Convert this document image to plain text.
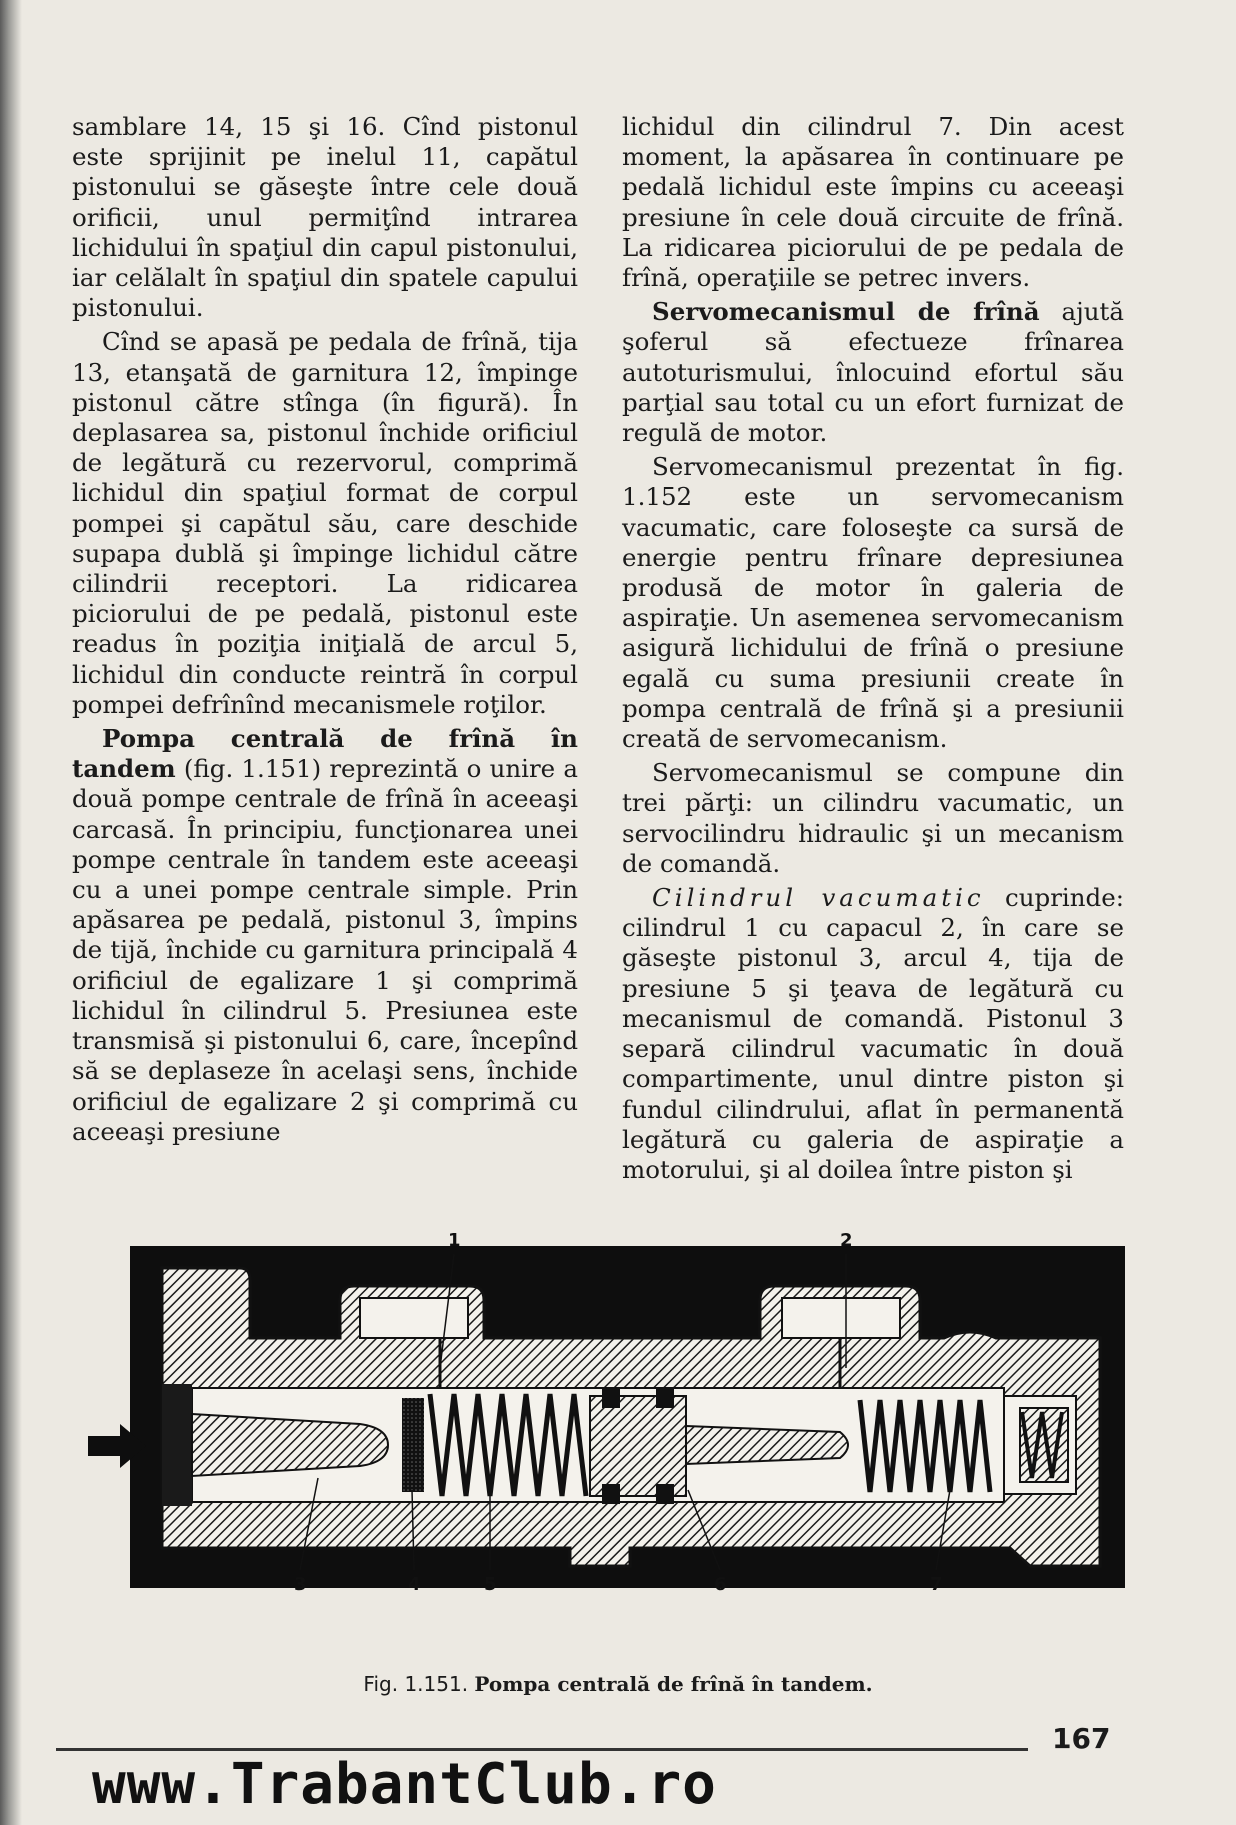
samblare 14, 15 şi 16. Cînd pistonul este sprijinit pe inelul 11, capătul pistonului se găseşte între cele două orificii, unul permiţînd intrarea lichidului în spaţiul din capul pistonului, iar celălalt în spaţiul din spatele capului pistonului.

Cînd se apasă pe pedala de frînă, tija 13, etanşată de garnitura 12, împinge pistonul către stînga (în figură). În deplasarea sa, pistonul închide orificiul de legătură cu rezervorul, comprimă lichidul din spaţiul format de corpul pompei şi capătul său, care deschide supapa dublă şi împinge lichidul către cilindrii receptori. La ridicarea piciorului de pe pedală, pistonul este readus în poziţia iniţială de arcul 5, lichidul din conducte reintră în corpul pompei defrînînd mecanismele roţilor.

Pompa centrală de frînă în tandem (fig. 1.151) reprezintă o unire a două pompe centrale de frînă în aceeaşi carcasă. În principiu, funcţionarea unei pompe centrale în tandem este aceeaşi cu a unei pompe centrale simple. Prin apăsarea pe pedală, pistonul 3, împins de tijă, închide cu garnitura principală 4 orificiul de egalizare 1 şi comprimă lichidul în cilindrul 5. Presiunea este transmisă şi pistonului 6, care, începînd să se deplaseze în acelaşi sens, închide orificiul de egalizare 2 şi comprimă cu aceeaşi presiune

lichidul din cilindrul 7. Din acest moment, la apăsarea în continuare pe pedală lichidul este împins cu aceeaşi presiune în cele două circuite de frînă. La ridicarea piciorului de pe pedala de frînă, operaţiile se petrec invers.

Servomecanismul de frînă ajută şoferul să efectueze frînarea autoturismului, înlocuind efortul său parţial sau total cu un efort furnizat de regulă de motor.

Servomecanismul prezentat în fig. 1.152 este un servomecanism vacumatic, care foloseşte ca sursă de energie pentru frînare depresiunea produsă de motor în galeria de aspiraţie. Un asemenea servomecanism asigură lichidului de frînă o presiune egală cu suma presiunii create în pompa centrală de frînă şi a presiunii creată de servomecanism.

Servomecanismul se compune din trei părţi: un cilindru vacumatic, un servocilindru hidraulic şi un mecanism de comandă.

Cilindrul vacumatic cuprinde: cilindrul 1 cu capacul 2, în care se găseşte pistonul 3, arcul 4, tija de presiune 5 şi ţeava de legătură cu mecanismul de comandă. Pistonul 3 separă cilindrul vacumatic în două compartimente, unul dintre piston şi fundul cilindrului, aflat în permanentă legătură cu galeria de aspiraţie a motorului, şi al doilea între piston şi

1	2
3	4	5	6	7
Fig. 1.151. Pompa centrală de frînă în tandem.
167
www.TrabantClub.ro
